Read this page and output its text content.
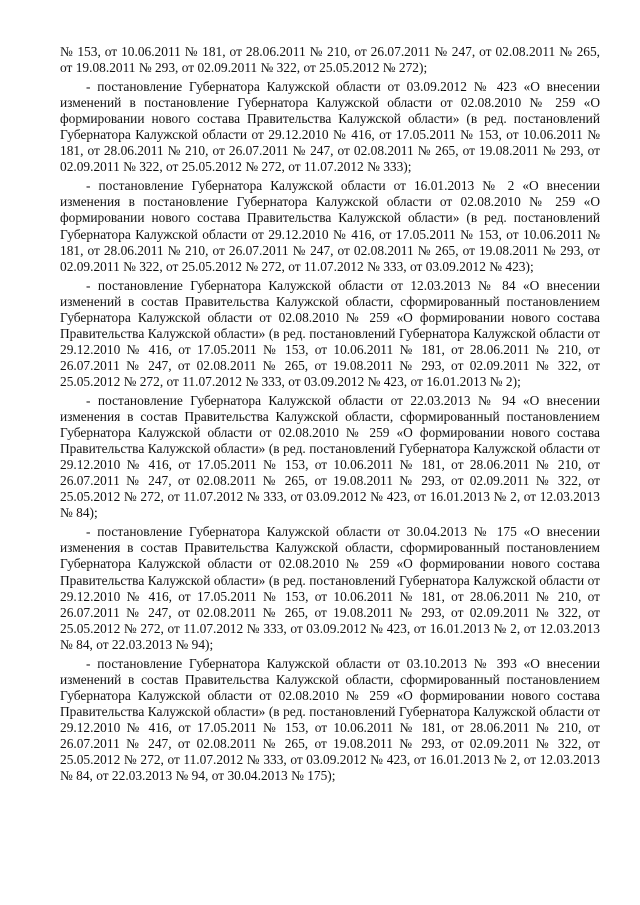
№ 153, от 10.06.2011 № 181, от 28.06.2011 № 210, от 26.07.2011 № 247, от 02.08.2011 № 265, от 19.08.2011 № 293, от 02.09.2011 № 322, от 25.05.2012 № 272);

- постановление Губернатора Калужской области от 03.09.2012 № 423 «О внесении изменений в постановление Губернатора Калужской области от 02.08.2010 № 259 «О формировании нового состава Правительства Калужской области» (в ред. постановлений Губернатора Калужской области от 29.12.2010 № 416, от 17.05.2011 № 153, от 10.06.2011 № 181, от 28.06.2011 № 210, от 26.07.2011 № 247, от 02.08.2011 № 265, от 19.08.2011 № 293, от 02.09.2011 № 322, от 25.05.2012 № 272, от 11.07.2012 № 333);

- постановление Губернатора Калужской области от 16.01.2013 № 2 «О внесении изменения в постановление Губернатора Калужской области от 02.08.2010 № 259 «О формировании нового состава Правительства Калужской области» (в ред. постановлений Губернатора Калужской области от 29.12.2010 № 416, от 17.05.2011 № 153, от 10.06.2011 № 181, от 28.06.2011 № 210, от 26.07.2011 № 247, от 02.08.2011 № 265, от 19.08.2011 № 293, от 02.09.2011 № 322, от 25.05.2012 № 272, от 11.07.2012 № 333, от 03.09.2012 № 423);

- постановление Губернатора Калужской области от 12.03.2013 № 84 «О внесении изменений в состав Правительства Калужской области, сформированный постановлением Губернатора Калужской области от 02.08.2010 № 259 «О формировании нового состава Правительства Калужской области» (в ред. постановлений Губернатора Калужской области от 29.12.2010 № 416, от 17.05.2011 № 153, от 10.06.2011 № 181, от 28.06.2011 № 210, от 26.07.2011 № 247, от 02.08.2011 № 265, от 19.08.2011 № 293, от 02.09.2011 № 322, от 25.05.2012 № 272, от 11.07.2012 № 333, от 03.09.2012 № 423, от 16.01.2013 № 2);

- постановление Губернатора Калужской области от 22.03.2013 № 94 «О внесении изменения в состав Правительства Калужской области, сформированный постановлением Губернатора Калужской области от 02.08.2010 № 259 «О формировании нового состава Правительства Калужской области» (в ред. постановлений Губернатора Калужской области от 29.12.2010 № 416, от 17.05.2011 № 153, от 10.06.2011 № 181, от 28.06.2011 № 210, от 26.07.2011 № 247, от 02.08.2011 № 265, от 19.08.2011 № 293, от 02.09.2011 № 322, от 25.05.2012 № 272, от 11.07.2012 № 333, от 03.09.2012 № 423, от 16.01.2013 № 2, от 12.03.2013 № 84);

- постановление Губернатора Калужской области от 30.04.2013 № 175 «О внесении изменения в состав Правительства Калужской области, сформированный постановлением Губернатора Калужской области от 02.08.2010 № 259 «О формировании нового состава Правительства Калужской области» (в ред. постановлений Губернатора Калужской области от 29.12.2010 № 416, от 17.05.2011 № 153, от 10.06.2011 № 181, от 28.06.2011 № 210, от 26.07.2011 № 247, от 02.08.2011 № 265, от 19.08.2011 № 293, от 02.09.2011 № 322, от 25.05.2012 № 272, от 11.07.2012 № 333, от 03.09.2012 № 423, от 16.01.2013 № 2, от 12.03.2013 № 84, от 22.03.2013 № 94);

- постановление Губернатора Калужской области от 03.10.2013 № 393 «О внесении изменений в состав Правительства Калужской области, сформированный постановлением Губернатора Калужской области от 02.08.2010 № 259 «О формировании нового состава Правительства Калужской области» (в ред. постановлений Губернатора Калужской области от 29.12.2010 № 416, от 17.05.2011 № 153, от 10.06.2011 № 181, от 28.06.2011 № 210, от 26.07.2011 № 247, от 02.08.2011 № 265, от 19.08.2011 № 293, от 02.09.2011 № 322, от 25.05.2012 № 272, от 11.07.2012 № 333, от 03.09.2012 № 423, от 16.01.2013 № 2, от 12.03.2013 № 84, от 22.03.2013 № 94, от 30.04.2013 № 175);
